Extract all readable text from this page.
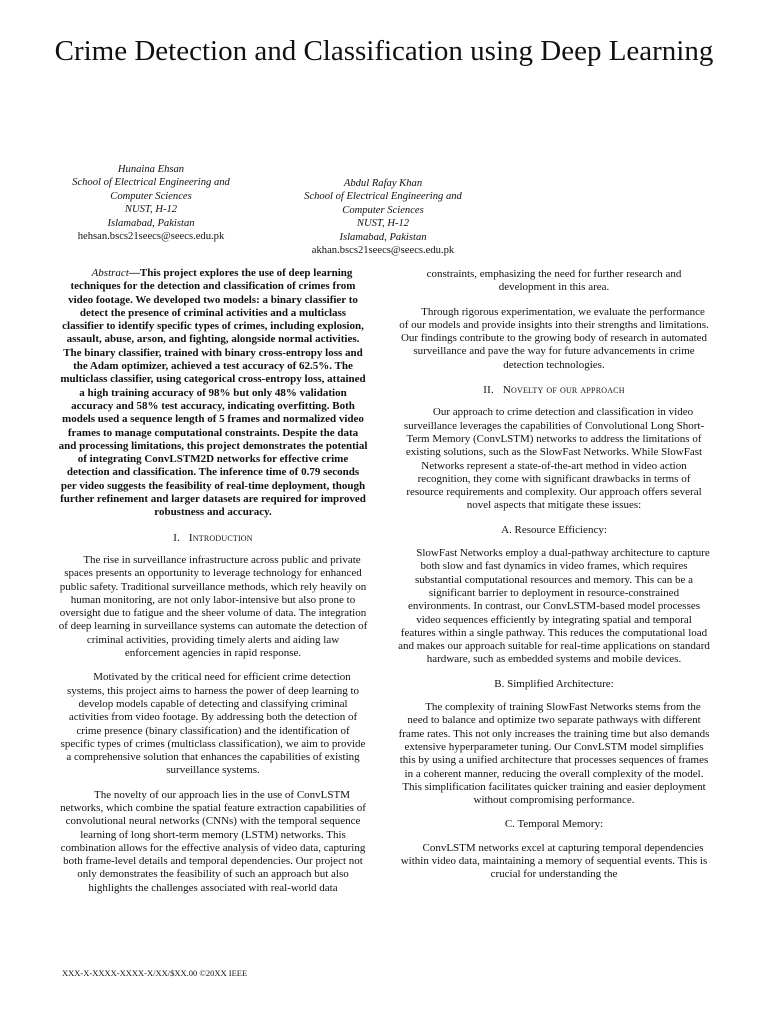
Crime Detection and Classification using Deep Learning
Hunaina Ehsan
School of Electrical Engineering and
Computer Sciences
NUST, H-12
Islamabad, Pakistan
hehsan.bscs21seecs@seecs.edu.pk
Abdul Rafay Khan
School of Electrical Engineering and
Computer Sciences
NUST, H-12
Islamabad, Pakistan
akhan.bscs21seecs@seecs.edu.pk

Abstract—This project explores the use of deep learning techniques for the detection and classification of crimes from video footage. We developed two models: a binary classifier to detect the presence of criminal activities and a multiclass classifier to identify specific types of crimes, including explosion, assault, abuse, arson, and fighting, alongside normal activities. The binary classifier, trained with binary cross-entropy loss and the Adam optimizer, achieved a test accuracy of 62.5%. The multiclass classifier, using categorical cross-entropy loss, attained a high training accuracy of 98% but only 48% validation accuracy and 58% test accuracy, indicating overfitting. Both models used a sequence length of 5 frames and normalized video frames to manage computational constraints. Despite the data and processing limitations, this project demonstrates the potential of integrating ConvLSTM2D networks for effective crime detection and classification. The inference time of 0.79 seconds per video suggests the feasibility of real-time deployment, though further refinement and larger datasets are required for improved robustness and accuracy.

I. Introduction

The rise in surveillance infrastructure across public and private spaces presents an opportunity to leverage technology for enhanced public safety. Traditional surveillance methods, which rely heavily on human monitoring, are not only labor-intensive but also prone to oversight due to fatigue and the sheer volume of data. The integration of deep learning in surveillance systems can automate the detection of criminal activities, providing timely alerts and aiding law enforcement agencies in rapid response.

Motivated by the critical need for efficient crime detection systems, this project aims to harness the power of deep learning to develop models capable of detecting and classifying criminal activities from video footage. By addressing both the detection of crime presence (binary classification) and the identification of specific types of crimes (multiclass classification), we aim to provide a comprehensive solution that enhances the capabilities of existing surveillance systems.

The novelty of our approach lies in the use of ConvLSTM networks, which combine the spatial feature extraction capabilities of convolutional neural networks (CNNs) with the temporal sequence learning of long short-term memory (LSTM) networks. This combination allows for the effective analysis of video data, capturing both frame-level details and temporal dependencies. Our project not only demonstrates the feasibility of such an approach but also highlights the challenges associated with real-world data

constraints, emphasizing the need for further research and development in this area.

Through rigorous experimentation, we evaluate the performance of our models and provide insights into their strengths and limitations. Our findings contribute to the growing body of research in automated surveillance and pave the way for future advancements in crime detection technologies.

II. Novelty of our approach

Our approach to crime detection and classification in video surveillance leverages the capabilities of Convolutional Long Short-Term Memory (ConvLSTM) networks to address the limitations of existing solutions, such as the SlowFast Networks. While SlowFast Networks represent a state-of-the-art method in video action recognition, they come with significant drawbacks in terms of resource requirements and complexity. Our approach offers several novel aspects that mitigate these issues:

A. Resource Efficiency:

SlowFast Networks employ a dual-pathway architecture to capture both slow and fast dynamics in video frames, which requires substantial computational resources and memory. This can be a significant barrier to deployment in resource-constrained environments. In contrast, our ConvLSTM-based model processes video sequences efficiently by integrating spatial and temporal features within a single pathway. This reduces the computational load and makes our approach suitable for real-time applications on standard hardware, such as embedded systems and mobile devices.

B. Simplified Architecture:

The complexity of training SlowFast Networks stems from the need to balance and optimize two separate pathways with different frame rates. This not only increases the training time but also demands extensive hyperparameter tuning. Our ConvLSTM model simplifies this by using a unified architecture that processes sequences of frames in a coherent manner, reducing the overall complexity of the model. This simplification facilitates quicker training and easier deployment without compromising performance.

C. Temporal Memory:

ConvLSTM networks excel at capturing temporal dependencies within video data, maintaining a memory of sequential events. This is crucial for understanding the

XXX-X-XXXX-XXXX-X/XX/$XX.00 ©20XX IEEE
